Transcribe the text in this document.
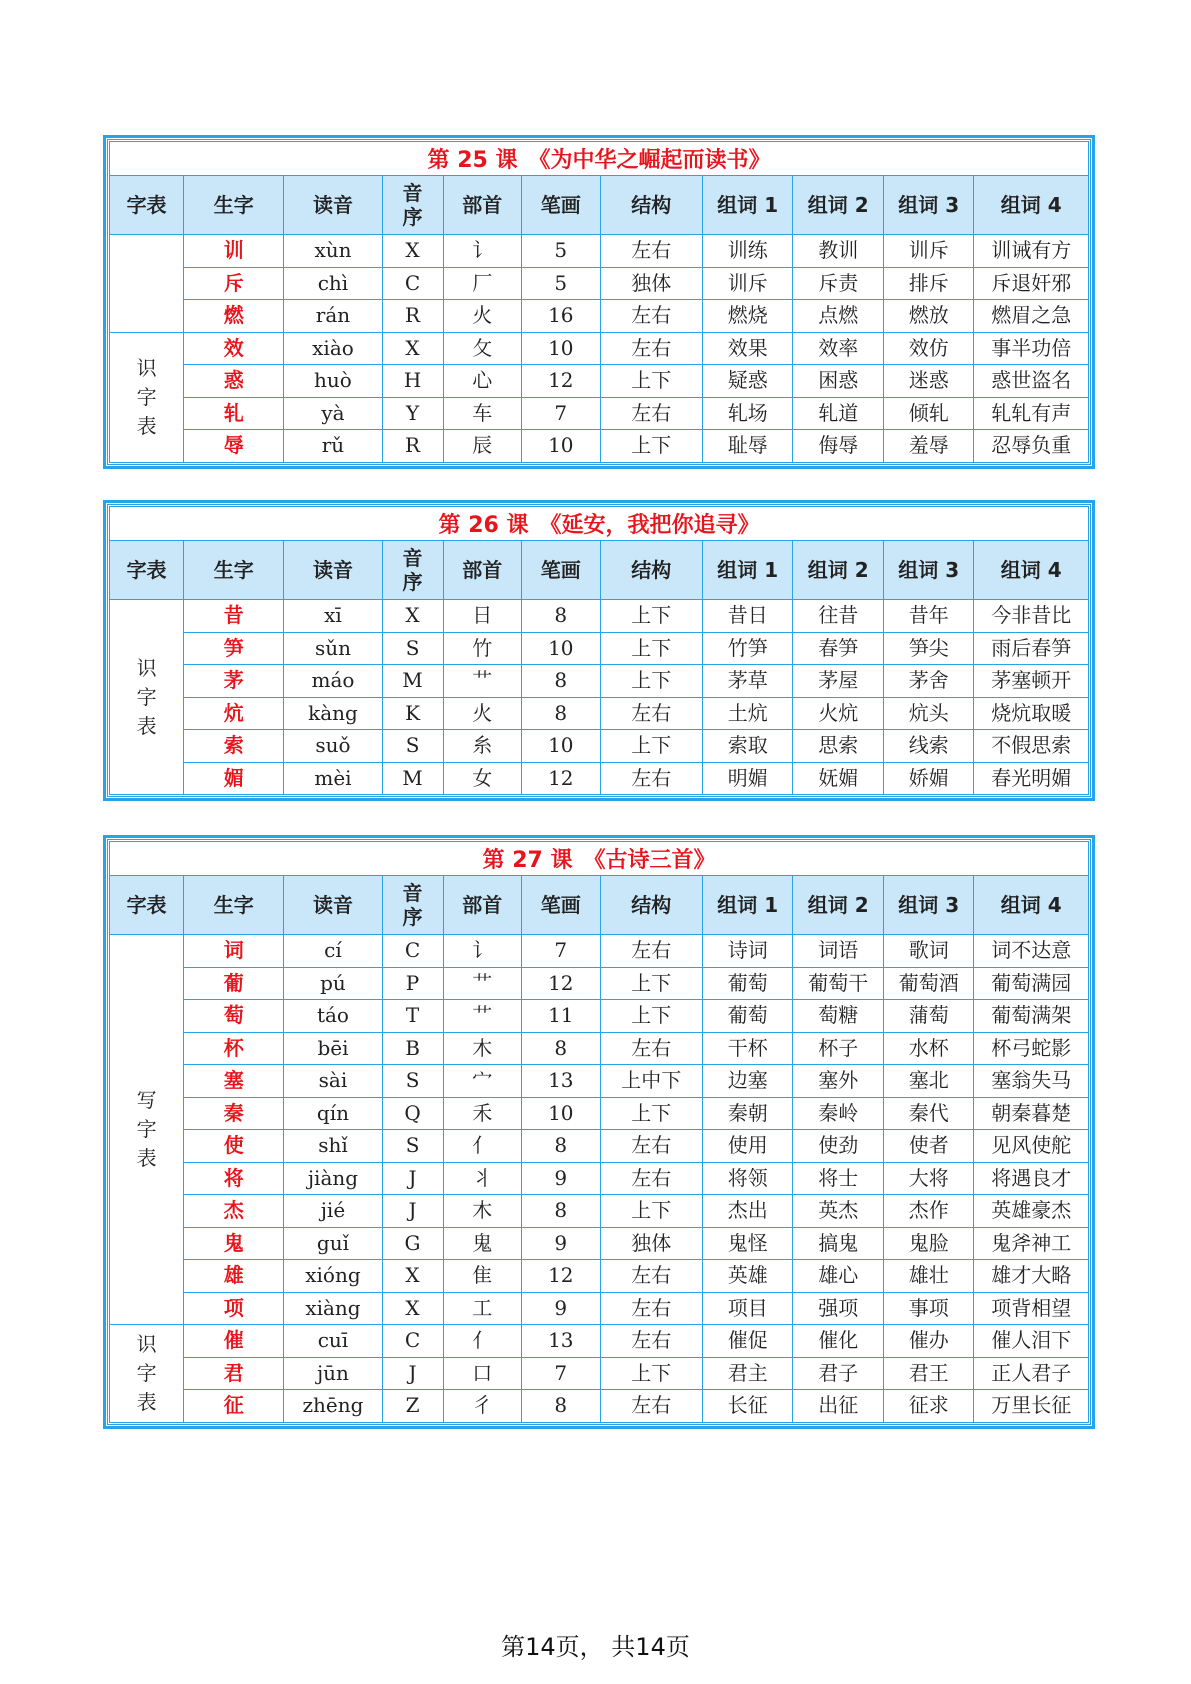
第 25 课　《为中华之崛起而读书》										
字表	生字	读音	音序	部首	笔画	结构	组词 1	组词 2	组词 3	组词 4
	训	xùn	X	讠	5	左右	训练	教训	训斥	训诫有方
	斥	chì	C	厂	5	独体	训斥	斥责	排斥	斥退奸邪
	燃	rán	R	火	16	左右	燃烧	点燃	燃放	燃眉之急

识
字
表	效	xiào	X	攵	10	左右	效果	效率	效仿	事半功倍
	惑	huò	H	心	12	上下	疑惑	困惑	迷惑	惑世盗名
	轧	yà	Y	车	7	左右	轧场	轧道	倾轧	轧轧有声
	辱	rǔ	R	辰	10	上下	耻辱	侮辱	羞辱	忍辱负重
第 26 课　《延安，我把你追寻》										
字表	生字	读音	音序	部首	笔画	结构	组词 1	组词 2	组词 3	组词 4

识
字
表	昔	xī	X	日	8	上下	昔日	往昔	昔年	今非昔比
	笋	sǔn	S	竹	10	上下	竹笋	春笋	笋尖	雨后春笋
	茅	máo	M	艹	8	上下	茅草	茅屋	茅舍	茅塞顿开
	炕	kàng	K	火	8	左右	土炕	火炕	炕头	烧炕取暖
	索	suǒ	S	糸	10	上下	索取	思索	线索	不假思索
	媚	mèi	M	女	12	左右	明媚	妩媚	娇媚	春光明媚
第 27 课　《古诗三首》										
字表	生字	读音	音序	部首	笔画	结构	组词 1	组词 2	组词 3	组词 4

写
字
表	词	cí	C	讠	7	左右	诗词	词语	歌词	词不达意
	葡	pú	P	艹	12	上下	葡萄	葡萄干	葡萄酒	葡萄满园
	萄	táo	T	艹	11	上下	葡萄	萄糖	蒲萄	葡萄满架
	杯	bēi	B	木	8	左右	干杯	杯子	水杯	杯弓蛇影
	塞	sài	S	宀	13	上中下	边塞	塞外	塞北	塞翁失马
	秦	qín	Q	禾	10	上下	秦朝	秦岭	秦代	朝秦暮楚
	使	shǐ	S	亻	8	左右	使用	使劲	使者	见风使舵
	将	jiàng	J	丬	9	左右	将领	将士	大将	将遇良才
	杰	jié	J	木	8	上下	杰出	英杰	杰作	英雄豪杰
	鬼	guǐ	G	鬼	9	独体	鬼怪	搞鬼	鬼脸	鬼斧神工
	雄	xióng	X	隹	12	左右	英雄	雄心	雄壮	雄才大略
	项	xiàng	X	工	9	左右	项目	强项	事项	项背相望

识
字
表	催	cuī	C	亻	13	左右	催促	催化	催办	催人泪下
	君	jūn	J	口	7	上下	君主	君子	君王	正人君子
	征	zhēng	Z	彳	8	左右	长征	出征	征求	万里长征
第14页， 共14页
